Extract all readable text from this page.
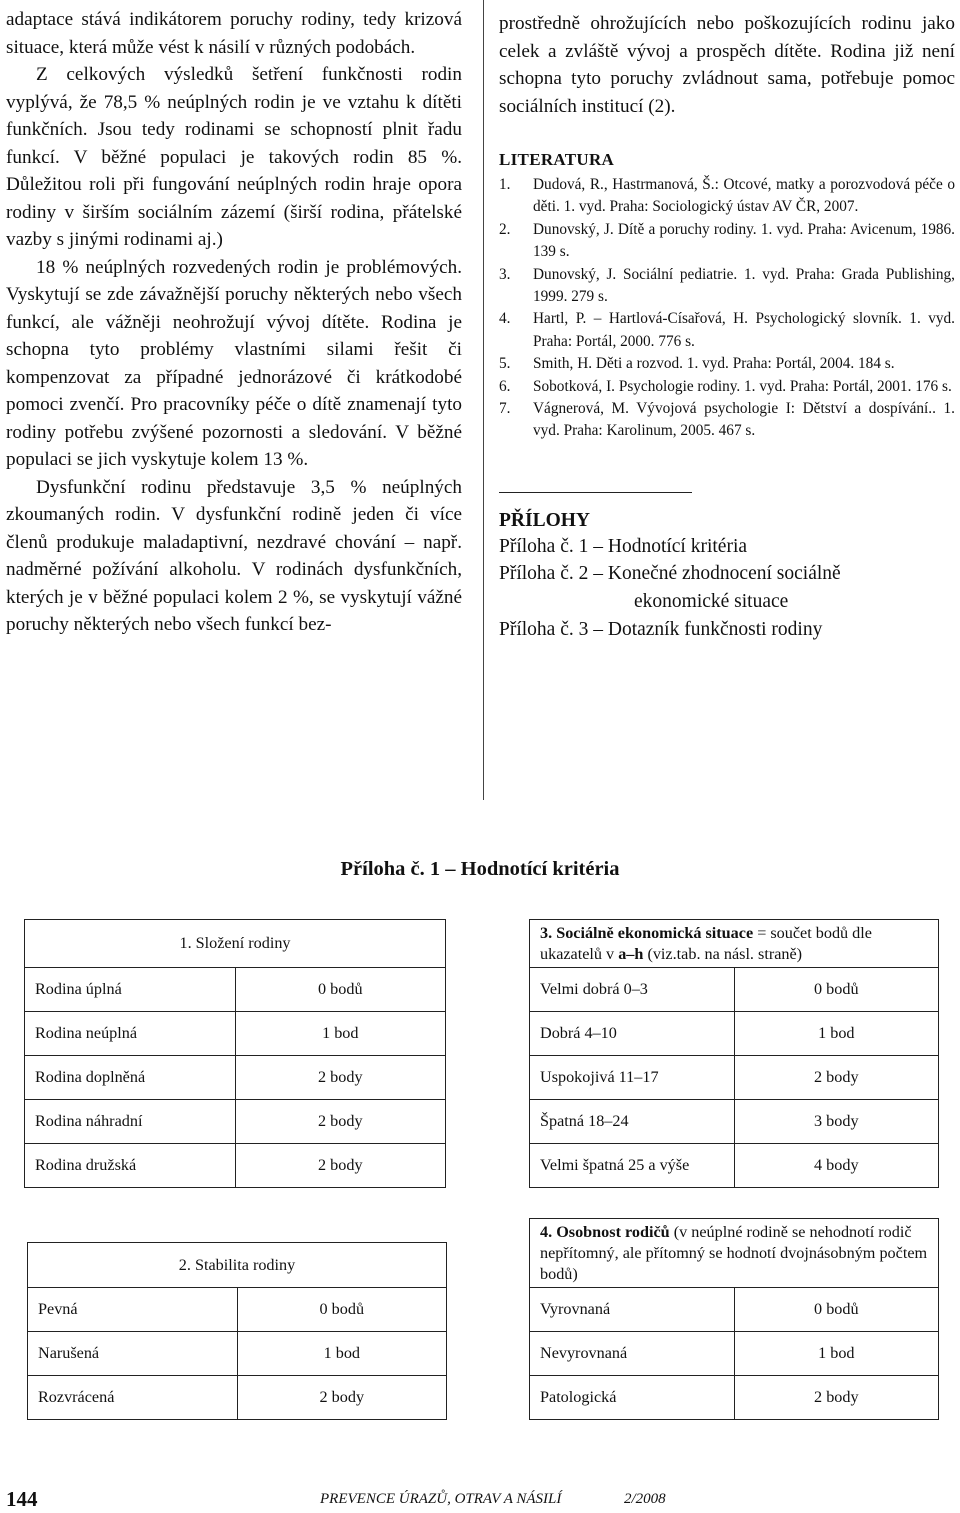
adaptace stává indikátorem poruchy rodiny, tedy krizová situace, která může vést k násilí v různých podobách.

Z celkových výsledků šetření funkčnosti rodin vyplývá, že 78,5 % neúplných rodin je ve vztahu k dítěti funkčních. Jsou tedy rodinami se schopností plnit řadu funkcí. V běžné populaci je takových rodin 85 %. Důležitou roli při fungování neúplných rodin hraje opora rodiny v širším sociálním zázemí (širší rodina, přátelské vazby s jinými rodinami aj.)

18 % neúplných rozvedených rodin je problémových. Vyskytují se zde závažnější poruchy některých nebo všech funkcí, ale vážněji neohrožují vývoj dítěte. Rodina je schopna tyto problémy vlastními silami řešit či kompenzovat za případné jednorázové či krátkodobé pomoci zvenčí. Pro pracovníky péče o dítě znamenají tyto rodiny potřebu zvýšené pozornosti a sledování. V běžné populaci se jich vyskytuje kolem 13 %.

Dysfunkční rodinu představuje 3,5 % neúplných zkoumaných rodin. V dysfunkční rodině jeden či více členů produkuje maladaptivní, nezdravé chování – např. nadměrné požívání alkoholu. V rodinách dysfunkčních, kterých je v běžné populaci kolem 2 %, se vyskytují vážné poruchy některých nebo všech funkcí bez-

prostředně ohrožujících nebo poškozujících rodinu jako celek a zvláště vývoj a prospěch dítěte. Rodina již není schopna tyto poruchy zvládnout sama, potřebuje pomoc sociálních institucí (2).

LITERATURA
1. Dudová, R., Hastrmanová, Š.: Otcové, matky a porozvodová péče o děti. 1. vyd. Praha: Sociologický ústav AV ČR, 2007.
2. Dunovský, J. Dítě a poruchy rodiny. 1. vyd. Praha: Avicenum, 1986. 139 s.
3. Dunovský, J. Sociální pediatrie. 1. vyd. Praha: Grada Publishing, 1999. 279 s.
4. Hartl, P. – Hartlová-Císařová, H. Psychologický slovník. 1. vyd. Praha: Portál, 2000. 776 s.
5. Smith, H. Děti a rozvod. 1. vyd. Praha: Portál, 2004. 184 s.
6. Sobotková, I. Psychologie rodiny. 1. vyd. Praha: Portál, 2001. 176 s.
7. Vágnerová, M. Vývojová psychologie I: Dětství a dospívání.. 1. vyd. Praha: Karolinum, 2005. 467 s.
PŘÍLOHY
Příloha č. 1 – Hodnotící kritéria
Příloha č. 2 – Konečné zhodnocení sociálně
ekonomické situace
Příloha č. 3 – Dotazník funkčnosti rodiny
Příloha č. 1 – Hodnotící kritéria
1. Složení rodiny	
Rodina úplná	0 bodů
Rodina neúplná	1 bod
Rodina doplněná	2 body
Rodina náhradní	2 body
Rodina družská	2 body
2. Stabilita rodiny	
Pevná	0 bodů
Narušená	1 bod
Rozvrácená	2 body
3. Sociálně ekonomická situace = součet bodů dle ukazatelů v a–h (viz.tab. na násl. straně)	
Velmi dobrá 0–3	0 bodů
Dobrá 4–10	1 bod
Uspokojivá 11–17	2 body
Špatná 18–24	3 body
Velmi špatná 25 a výše	4 body
4. Osobnost rodičů (v neúplné rodině se nehodnotí rodič nepřítomný, ale přítomný se hodnotí dvojnásobným počtem bodů)	
Vyrovnaná	0 bodů
Nevyrovnaná	1 bod
Patologická	2 body
144	PREVENCE ÚRAZŮ, OTRAV A NÁSILÍ	2/2008
